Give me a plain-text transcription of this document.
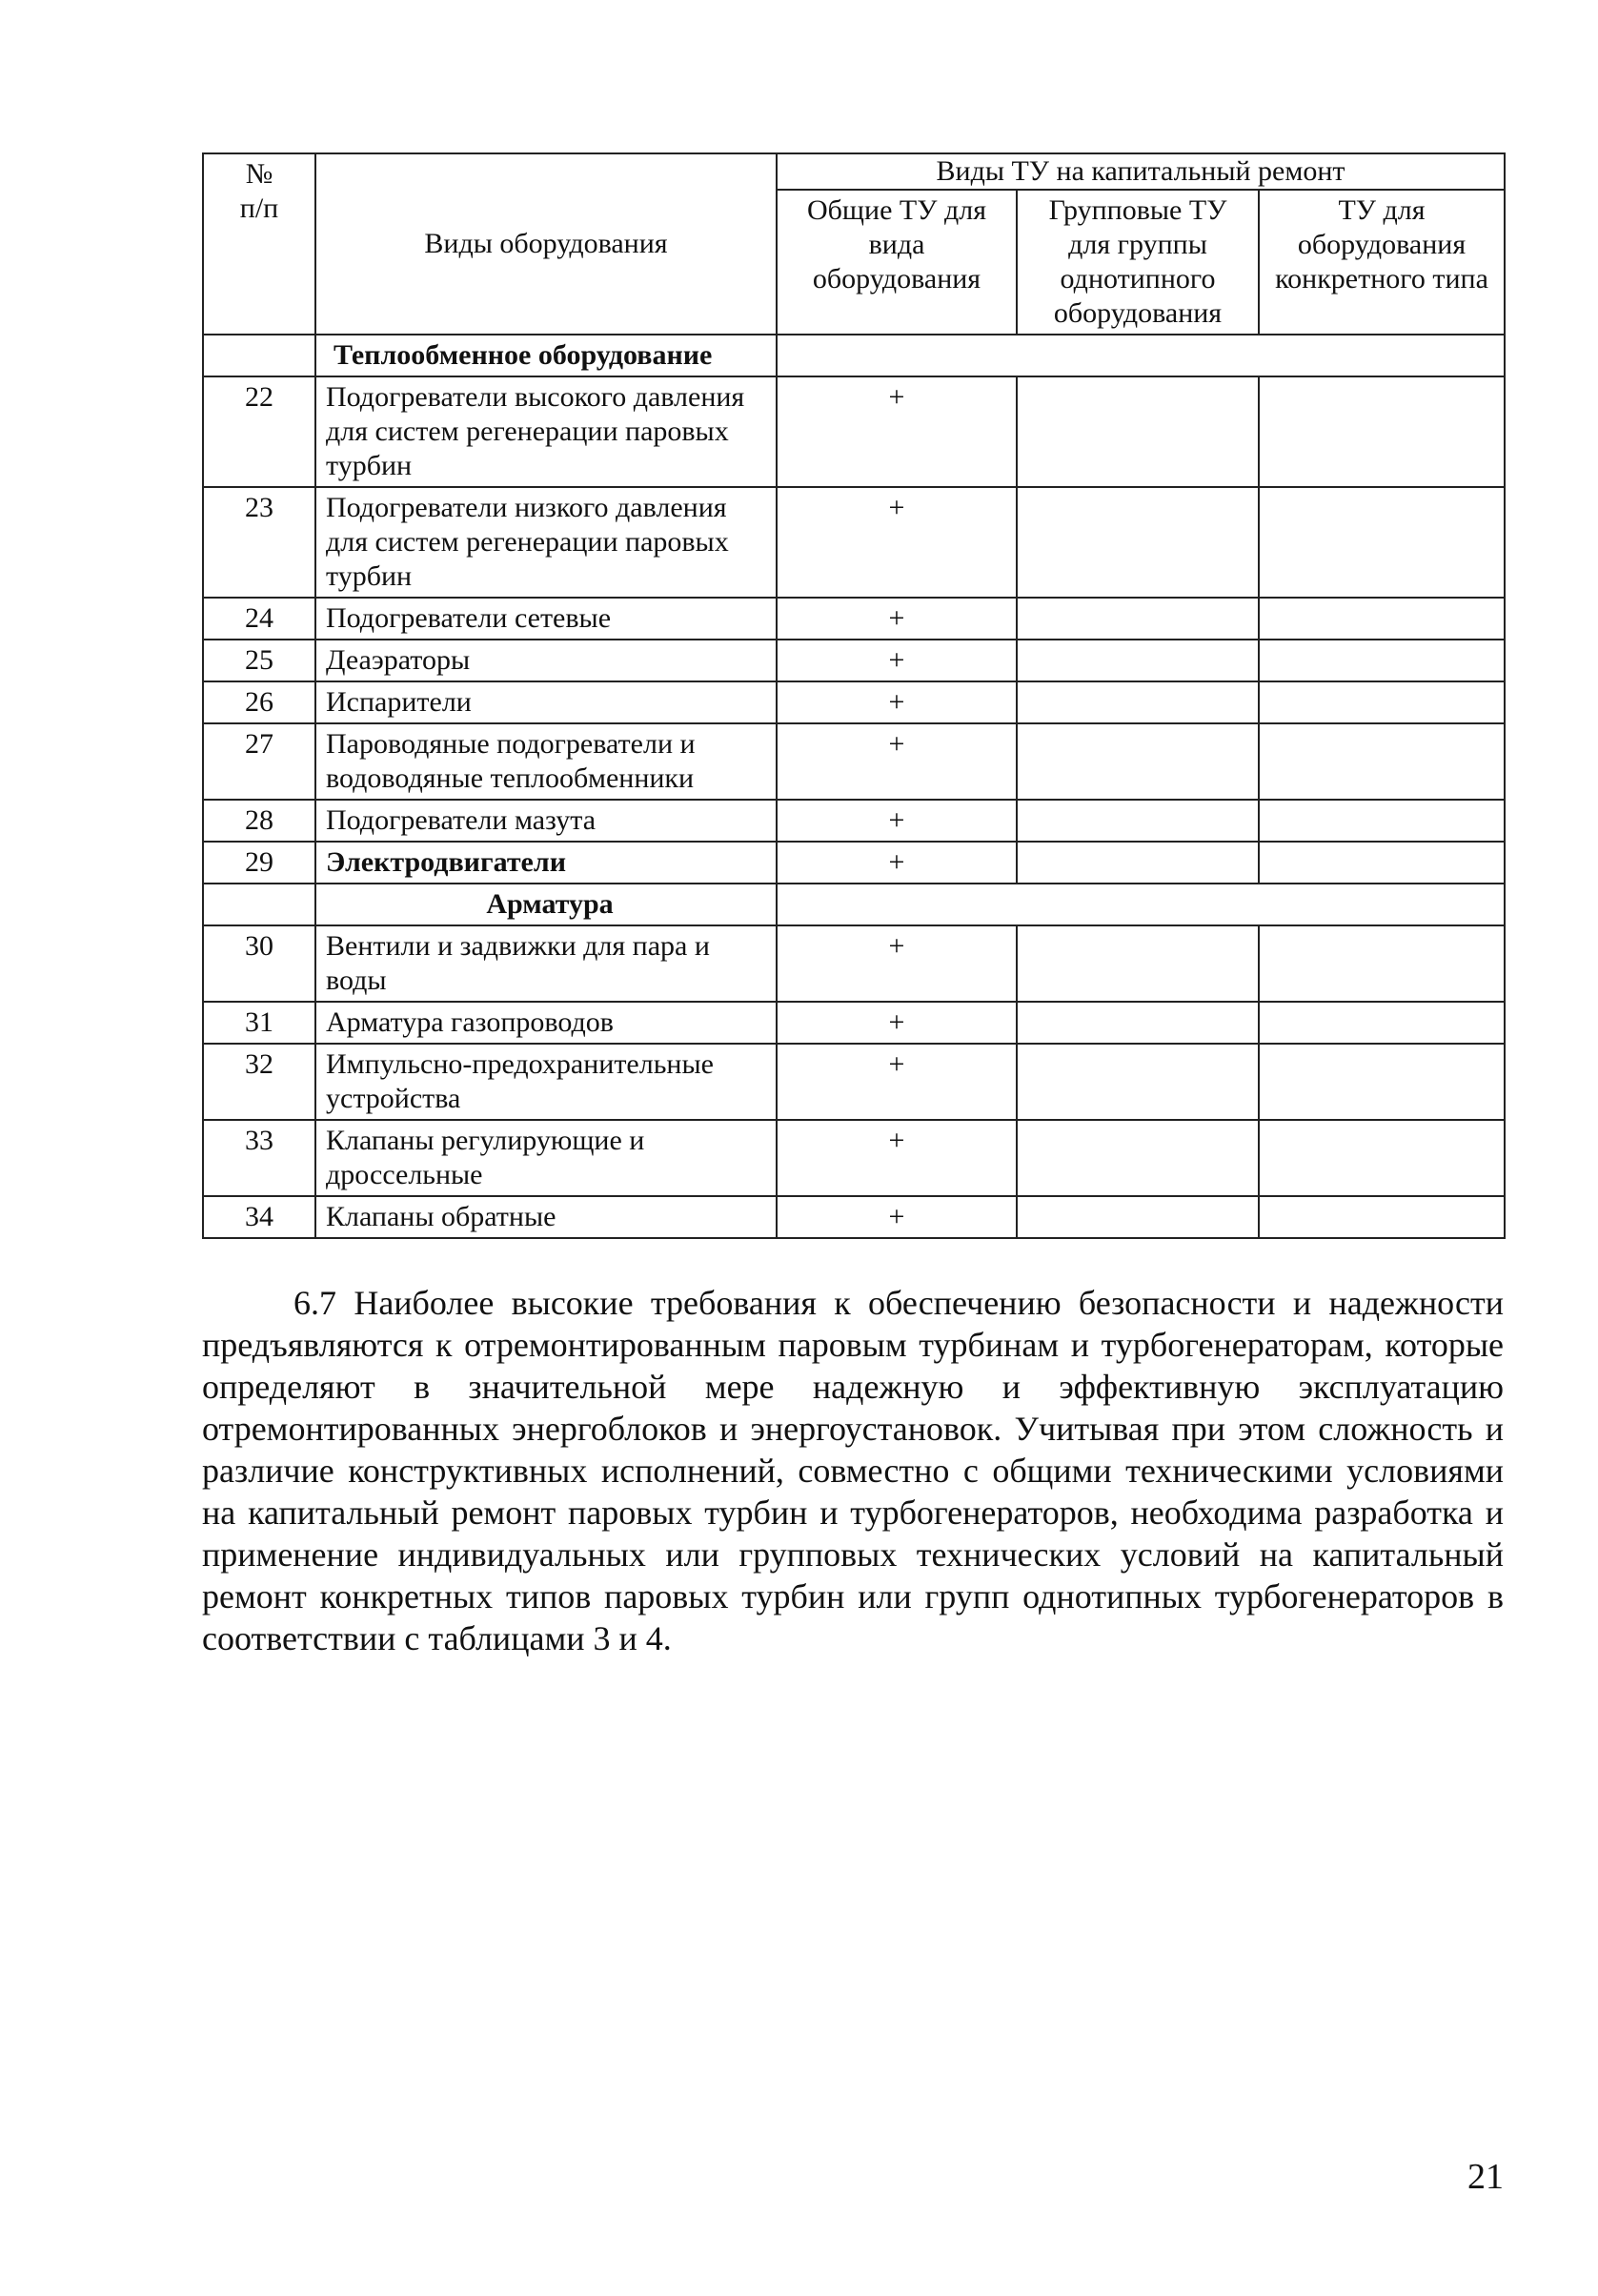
№
п/п	Виды оборудования	Виды ТУ на капитальный ремонт		
		Общие ТУ для вида оборудования	Групповые ТУ для группы однотипного оборудования	ТУ для оборудования конкретного типа
	Теплообменное оборудование			
22	Подогреватели высокого давления для систем регенерации паровых турбин	+		
23	Подогреватели низкого давления для систем регенерации паровых турбин	+		
24	Подогреватели сетевые	+		
25	Деаэраторы	+		
26	Испарители	+		
27	Пароводяные подогреватели и водоводяные теплообменники	+		
28	Подогреватели мазута	+		
29	Электродвигатели	+		
	Арматура			
30	Вентили и задвижки для пара и воды	+		
31	Арматура газопроводов	+		
32	Импульсно-предохранительные устройства	+		
33	Клапаны регулирующие и дроссельные	+		
34	Клапаны обратные	+		
6.7 Наиболее высокие требования к обеспечению безопасности и надежности предъявляются к отремонтированным паровым турбинам и турбогенераторам, которые определяют в значительной мере надежную и эффективную эксплуатацию отремонтированных энергоблоков и энергоустановок. Учитывая при этом сложность и различие конструктивных исполнений, совместно с общими техническими условиями на капитальный ремонт паровых турбин и турбогенераторов, необходима разработка и применение индивидуальных или групповых технических условий на капитальный ремонт конкретных типов паровых турбин или групп однотипных турбогенераторов в соответствии с таблицами 3 и 4.
21
